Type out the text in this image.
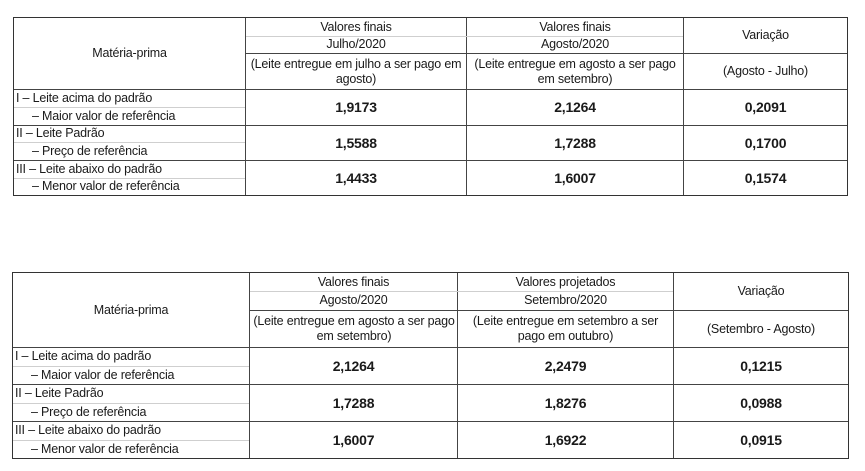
Matéria-prima
Valores finais
Julho/2020
(Leite entregue em julho a ser pago em agosto)
Valores finais
Agosto/2020
(Leite entregue em agosto a ser pago em setembro)
Variação
(Agosto - Julho)
I – Leite acima do padrão
– Maior valor de referência
1,9173	2,1264	0,2091
II – Leite Padrão
– Preço de referência
1,5588	1,7288	0,1700
III – Leite abaixo do padrão
– Menor valor de referência
1,4433	1,6007	0,1574
Matéria-prima
Valores finais
Agosto/2020
(Leite entregue em agosto a ser pago em setembro)
Valores projetados
Setembro/2020
(Leite entregue em setembro a ser pago em outubro)
Variação
(Setembro - Agosto)
I – Leite acima do padrão
– Maior valor de referência
2,1264	2,2479	0,1215
II – Leite Padrão
– Preço de referência
1,7288	1,8276	0,0988
III – Leite abaixo do padrão
– Menor valor de referência
1,6007	1,6922	0,0915
